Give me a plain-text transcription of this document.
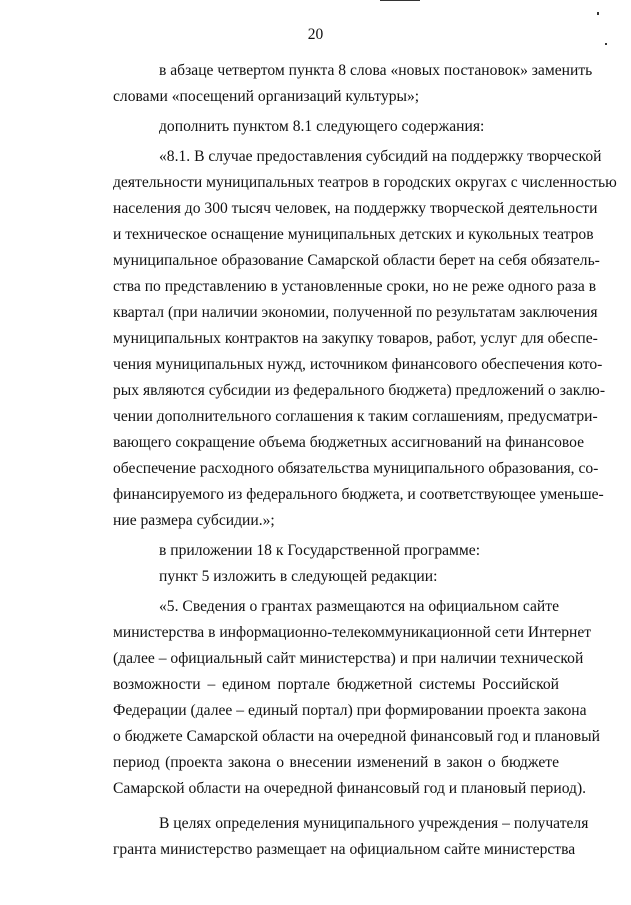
20

в абзаце четвертом пункта 8 слова «новых постановок» заменить
словами «посещений организаций культуры»;

дополнить пунктом 8.1 следующего содержания:

«8.1. В случае предоставления субсидий на поддержку творческой
деятельности муниципальных театров в городских округах с численностью
населения до 300 тысяч человек, на поддержку творческой деятельности
и техническое оснащение муниципальных детских и кукольных театров
муниципальное образование Самарской области берет на себя обязатель-
ства по представлению в установленные сроки, но не реже одного раза в
квартал (при наличии экономии, полученной по результатам заключения
муниципальных контрактов на закупку товаров, работ, услуг для обеспе-
чения муниципальных нужд, источником финансового обеспечения кото-
рых являются субсидии из федерального бюджета) предложений о заклю-
чении дополнительного соглашения к таким соглашениям, предусматри-
вающего сокращение объема бюджетных ассигнований на финансовое
обеспечение расходного обязательства муниципального образования, со-
финансируемого из федерального бюджета, и соответствующее уменьше-
ние размера субсидии.»;

в приложении 18 к Государственной программе:

пункт 5 изложить в следующей редакции:

«5. Сведения о грантах размещаются на официальном сайте
министерства в информационно-телекоммуникационной сети Интернет
(далее – официальный сайт министерства) и при наличии технической
возможности – едином портале бюджетной системы Российской
Федерации (далее – единый портал) при формировании проекта закона
о бюджете Самарской области на очередной финансовый год и плановый
период (проекта закона о внесении изменений в закон о бюджете
Самарской области на очередной финансовый год и плановый период).

В целях определения муниципального учреждения – получателя
гранта министерство размещает на официальном сайте министерства
